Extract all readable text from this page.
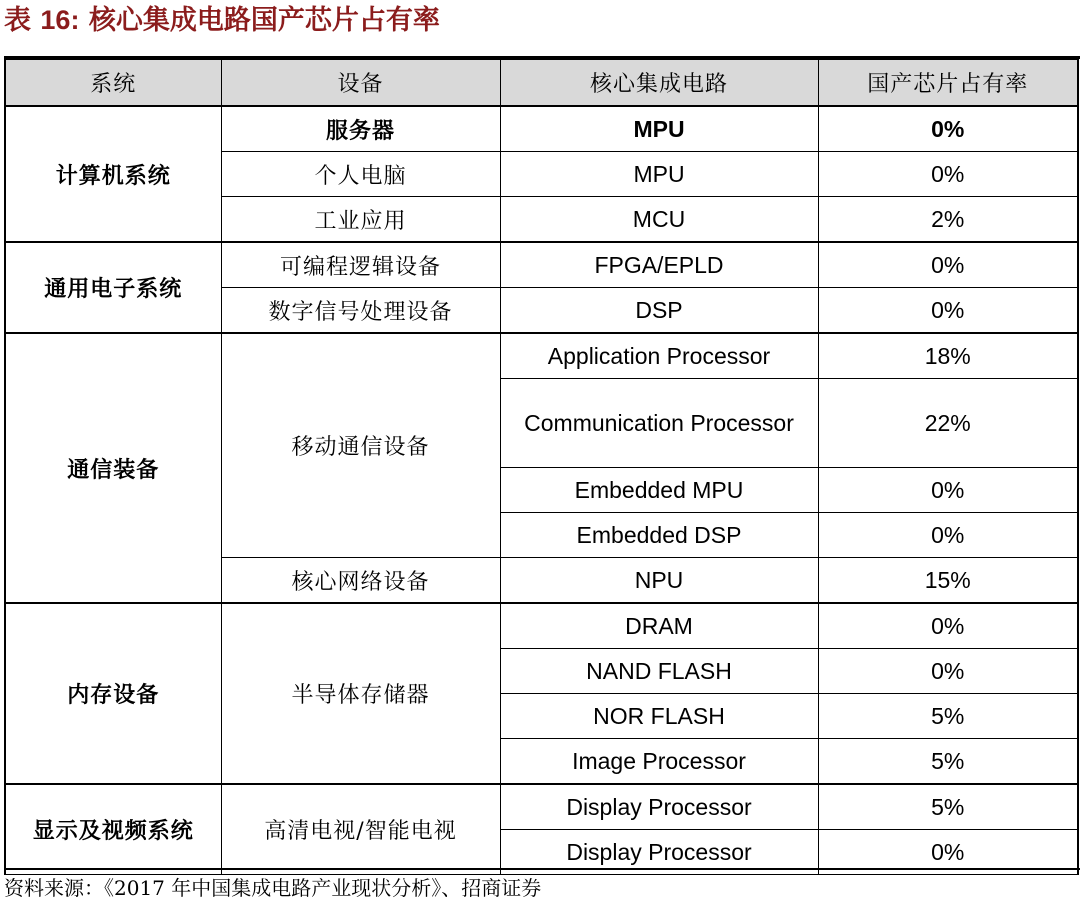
表 16: 核心集成电路国产芯片占有率
系统	设备	核心集成电路	国产芯片占有率
计算机系统	服务器	MPU	0%
	个人电脑	MPU	0%
	工业应用	MCU	2%
通用电子系统	可编程逻辑设备	FPGA/EPLD	0%
	数字信号处理设备	DSP	0%
通信装备	移动通信设备	Application Processor	18%
		Communication Processor	22%
		Embedded MPU	0%
		Embedded DSP	0%
	核心网络设备	NPU	15%
内存设备	半导体存储器	DRAM	0%
		NAND FLASH	0%
		NOR FLASH	5%
		Image Processor	5%
显示及视频系统	高清电视/智能电视	Display Processor	5%
		Display Processor	0%
资料来源：《2017 年中国集成电路产业现状分析》、招商证券
